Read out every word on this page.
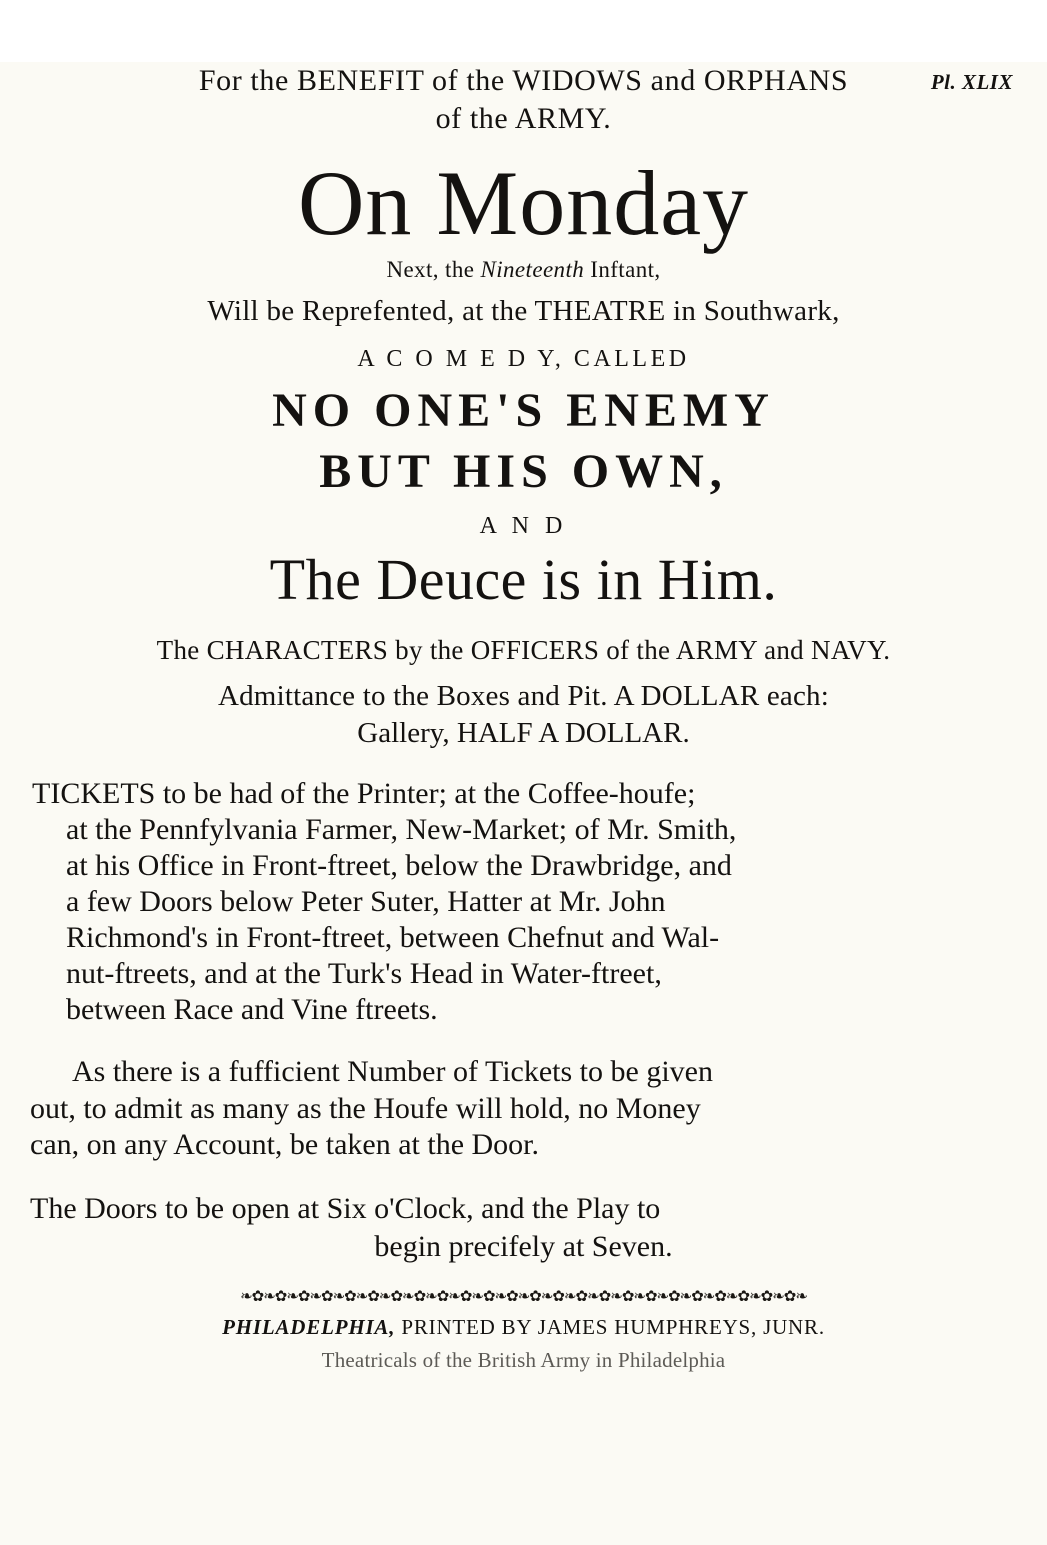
Pl. XLIX
For the BENEFIT of the WIDOWS and ORPHANS
of the ARMY.
On Monday
Next, the Nineteenth Inftant,
Will be Reprefented, at the THEATRE in Southwark,
A C O M E D Y, CALLED
NO ONE'S ENEMY
BUT HIS OWN,
A N D
The Deuce is in Him.
The CHARACTERS by the OFFICERS of the ARMY and NAVY.
Admittance to the Boxes and Pit. A DOLLAR each:
Gallery, HALF A DOLLAR.
TICKETS to be had of the Printer; at the Coffee-houfe;
at the Pennfylvania Farmer, New-Market; of Mr. Smith,
at his Office in Front-ftreet, below the Drawbridge, and
a few Doors below Peter Suter, Hatter at Mr. John
Richmond's in Front-ftreet, between Chefnut and Wal-
nut-ftreets, and at the Turk's Head in Water-ftreet,
between Race and Vine ftreets.
As there is a fufficient Number of Tickets to be given
out, to admit as many as the Houfe will hold, no Money
can, on any Account, be taken at the Door.
The Doors to be open at Six o'Clock, and the Play to
begin precifely at Seven.
❧✿❧✿❧✿❧✿❧✿❧✿❧✿❧✿❧✿❧✿❧✿❧✿❧✿❧✿❧✿❧✿❧✿❧✿❧✿❧✿❧✿❧✿❧✿❧✿❧
PHILADELPHIA, PRINTED BY JAMES HUMPHREYS, JUNR.
Theatricals of the British Army in Philadelphia
